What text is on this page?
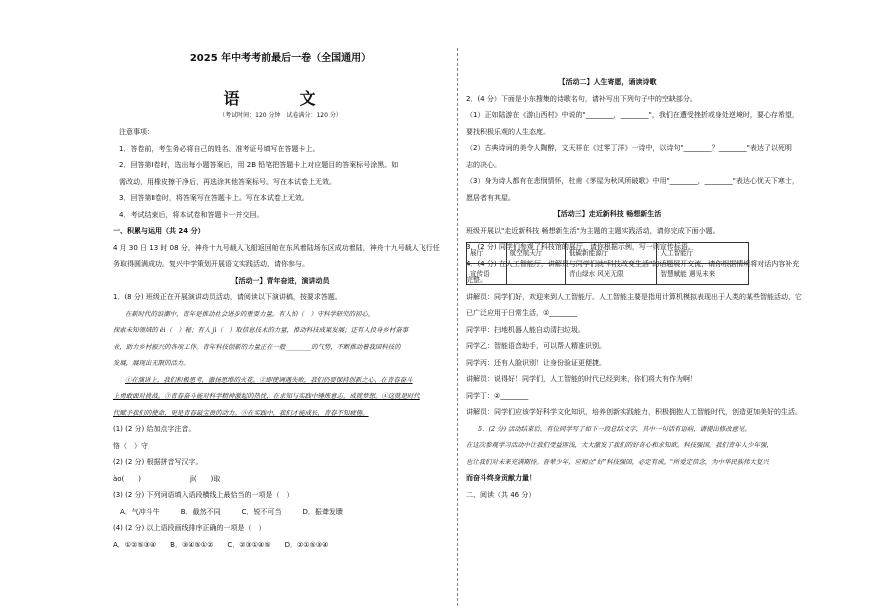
2025 年中考考前最后一卷（全国通用）
语　文
（考试时间：120 分钟　试卷满分：120 分）
注意事项：
1．答卷前，考生务必将自己的姓名、准考证号填写在答题卡上。
2．回答第Ⅰ卷时，选出每小题答案后，用 2B 铅笔把答题卡上对应题目的答案标号涂黑。如
需改动，用橡皮擦干净后，再选涂其他答案标号。写在本试卷上无效。
3．回答第Ⅱ卷时，将答案写在答题卡上。写在本试卷上无效。
4．考试结束后，将本试卷和答题卡一并交回。
一、积累与运用（共 24 分）
4 月 30 日 13 时 08 分，神舟十九号载人飞船返回舱在东风着陆场东区成功着陆，神舟十九号载人飞行任
务取得圆满成功。复兴中学策划开展语文实践活动，请你参与。
【活动一】青年奋进，演讲动员
1．(8 分) 班级正在开展演讲动员活动，请阅读以下演讲稿，按要求答题。
在新时代的浪潮中，青年是推动社会进步的重要力量。有人怕（　）守科学研究的初心，
探索未知领域的 ěi（　）秘；有人 jì（　）取信息技术的力量，推动科技成果发展；还有人投身乡村奋事
业，助力乡村振兴的各项工作。青年科技创新的力量正在一股________的气势，不断推动着我国科技的
发展，展现出无限的活力。
①在演讲上，我们积极思考，激扬思维的火花。②即使调遇失败，我们仍要保持创新之心，在青春奋斗
上勇敢面对挑战。③青春奋斗能对科学精神激起的热忱，在求知与实践中锤炼意志，成就梦想。④这就是时代
代赋予我们的使命，更是青春最宝贵的动力。⑤在实践中，我们才能成长，青春不知疲倦。
(1) (2 分) 给加点字注音。
恪（　）守
(2) (2 分) 根据拼音写汉字。
ào(　　)　　　　　　　jì(　　)取
(3) (2 分) 下列词语填入语段横线上最恰当的一项是（　）
　A．气冲斗牛　　　B．截然不同　　　C．锐不可当　　　D．振聋发聩
(4) (2 分) 以上语段画线排序正确的一项是（　）
A．①②⑤③④　　B．③④⑤①②　　C．②③①④⑤　　D．②①⑤③④
【活动二】人生寄愿，诵读诗歌
2．(4 分）下面是小东搜集的诗歌名句，请补写出下列句子中的空缺部分。
（1）正如陆游在《游山西村》中说的"________，________"，我们在遭受挫折或身处逆境时，要心存希望，
要找积极乐观的人生态度。
（2）古典诗词的美令人陶醉，文天祥在《过零丁洋》一诗中，以诗句"________？________"表达了以死明
志的决心。
（3）身为诗人都有在悲悯情怀，杜甫《茅屋为秋风所破歌》中用"________，________"表达心忧天下寒士，
愿居者有其屋。
【活动三】走近新科技 畅想新生活
班级开展以"走近新科技 畅想新生活"为主题的主题实践活动，请你完成下面小题。
3．(2 分) 同学们参观了科技馆的展厅，请你根据示例，写一则宣传标语。
4．(4 分) 在人工智能厅，讲解员与同学们就"科技改变生活"的话题展开交流，请你根据情境将对话内容补充
完整。
讲解员：同学们好，欢迎来到人工智能厅。人工智能主要是指用计算机模拟表现出于人类的某些智能活动，它
已广泛应用于日常生活，①________
同学甲：扫地机器人能自动清扫垃圾。
同学乙：智能语音助手，可以帮人精准识别。
同学丙：还有人脸识别！让身份验证更便捷。
讲解员：说得好！同学们，人工智能的时代已经到来，你们将大有作为啊！
同学丁：②________
讲解员：同学们应该学好科学文化知识，培养创新实践能力，积极拥抱人工智能时代，创造更加美好的生活。
5．(2 分) 活动结束后，有位同学写了如下一段总结文字，其中一句话有语病，请提出修改意见。
在这次参观学习活动中让我们受益匪浅，大大激发了我们的好奇心和求知欲。科技强国，我们青年人少年强，
也让我们对未来充满期待。吾辈少年，应相立"好"科技强国，必定有成。"所爱定信念，为中华民族伟大复兴
而奋斗终身贡献力量！
二、阅读（共 46 分）
展厅	航空航天厅	低碳新能源厅	人工智能厅
宣传语		青山绿水 风光无限	智慧赋能 遇见未来
